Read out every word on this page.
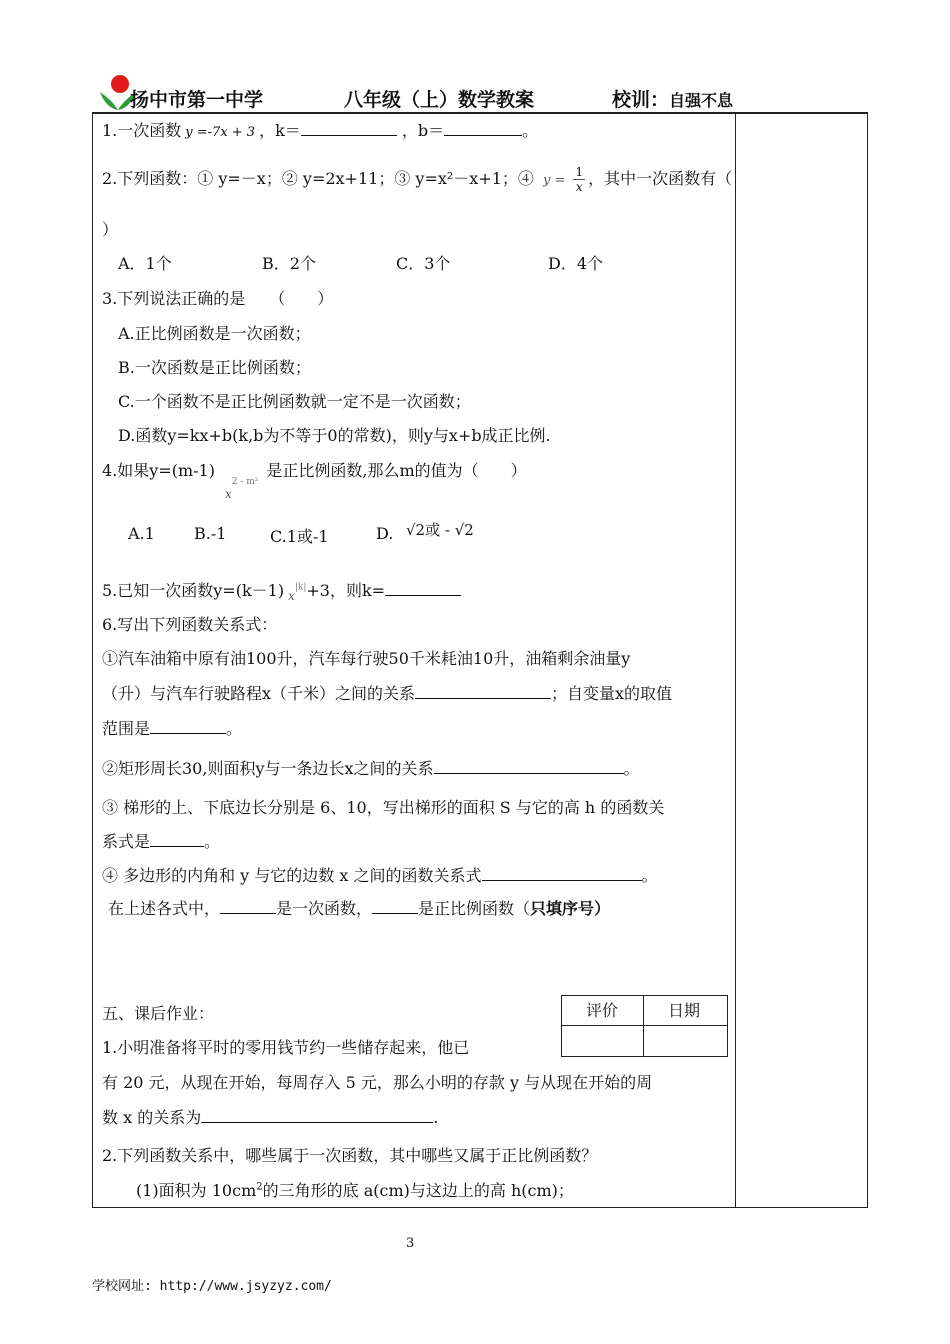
扬中市第一中学	八年级（上）数学教案	校训：自强不息
1.一次函数 y =-7x + 3 ，k＝	，b＝	。
2.下列函数：① y=－x；② y=2x+11；③ y=x²－x+1；④ $y = \frac{1}{x}$ ，其中一次函数有（
）
A．1个	B．2个	C．3个	D．4个
3.下列说法正确的是　　（　　）
A.正比例函数是一次函数；
B.一次函数是正比例函数；
C.一个函数不是正比例函数就一定不是一次函数；
D.函数y=kx+b(k,b为不等于0的常数)，则y与x+b成正比例.
4.如果$y=(m-1)_x^{2 - m^2}$是正比例函数,那么m的值为（　　）
A.1 B.-1	C.1或-1	D. √2或 - √2
5.已知一次函数y=(k－1) $_x^{|k|}$+3，则k=
6.写出下列函数关系式：
①汽车油箱中原有油100升，汽车每行驶50千米耗油10升，油箱剩余油量y
（升）与汽车行驶路程x（千米）之间的关系	；自变量x的取值
范围是	。
②矩形周长30,则面积y与一条边长x之间的关系	。
③ 梯形的上、下底边长分别是 6、10，写出梯形的面积 S 与它的高 h 的函数关
系式是	。
④ 多边形的内角和 y 与它的边数 x 之间的函数关系式	。
在上述各式中，	是一次函数，	是正比例函数（只填序号）
五、课后作业：	评价	日期
1.小明准备将平时的零用钱节约一些储存起来，他已
有 20 元，从现在开始，每周存入 5 元，那么小明的存款 y 与从现在开始的周
数 x 的关系为	.
2.下列函数关系中，哪些属于一次函数，其中哪些又属于正比例函数？
(1)面积为 $10cm^2$的三角形的底 a(cm)与这边上的高 h(cm)；
3
学校网址: http://www.jsyzyz.com/
